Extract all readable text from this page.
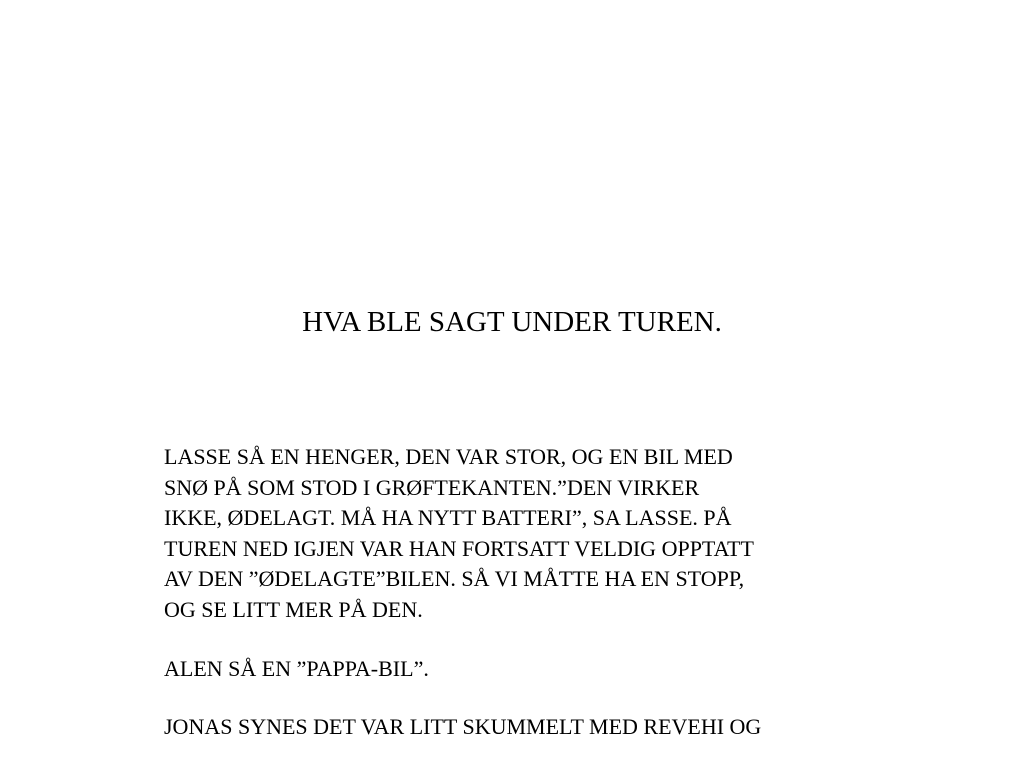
HVA BLE SAGT UNDER TUREN.

LASSE SÅ EN HENGER, DEN VAR STOR, OG EN BIL MED
SNØ PÅ SOM STOD I GRØFTEKANTEN.”DEN VIRKER
IKKE, ØDELAGT. MÅ HA NYTT BATTERI”, SA LASSE. PÅ
TUREN NED IGJEN VAR HAN FORTSATT VELDIG OPPTATT
AV DEN ”ØDELAGTE”BILEN. SÅ VI MÅTTE HA EN STOPP,
OG SE LITT MER PÅ DEN.

ALEN SÅ EN ”PAPPA-BIL”.

JONAS SYNES DET VAR LITT SKUMMELT MED REVEHI OG
